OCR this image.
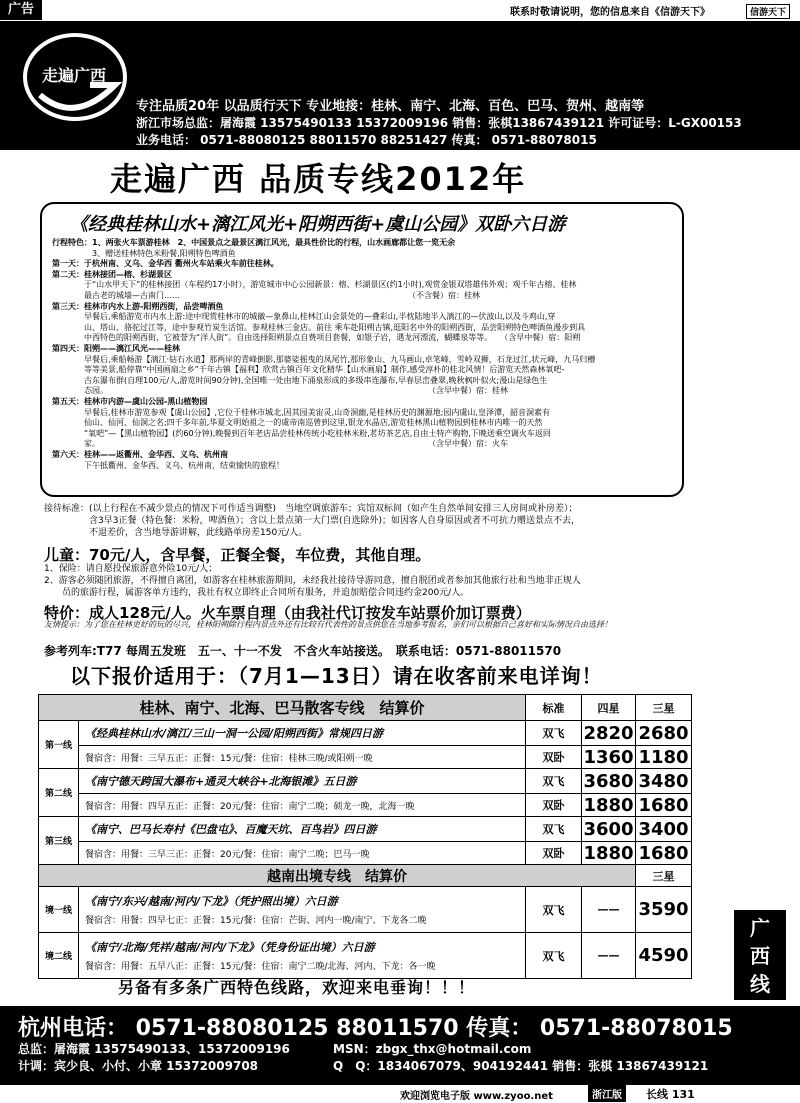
广告	联系时敬请说明，您的信息来自《信游天下》	信游天下
走遍广西
桂林市九洲观光
广西中旅环球假期 国际旅行社
专注品质20年 以品质行天下 专业地接：桂林、南宁、北海、百色、巴马、贺州、越南等
浙江市场总监：屠海霞 13575490133 15372009196 销售：张棋13867439121 许可证号：L-GX00153
业务电话： 0571-88080125 88011570 88251427 传真： 0571-88078015
走遍广西 品质专线2012年
《经典桂林山水+漓江风光+阳朔西街+虞山公园》双卧六日游
行程特色：1、两张火车票游桂林　2、中国景点之最景区漓江风光，最具性价比的行程，山水画廊都让您一览无余
　　　　　3、赠送桂林特色米粉餐,阳朔特色啤酒鱼
第一天：于杭州南、义乌、金华西 衢州火车站乘火车前往桂林。
第二天：桂林接团—榕、杉湖景区
　　　　于“山水甲天下”的桂林接团（车程约17小时），游览城市中心公园新景：榕、杉湖景区(约1小时),观赏金银双塔雄伟外观；观千年古榕、桂林
　　　　最古老的城墙—古南门……　　　　　　　　　　　　　　　　　　　　　　　　　　　　　（不含餐）宿：桂林
第三天：桂林市内水上游-阳朔西街，品尝啤酒鱼
　　　　早餐后,乘船游览市内水上游:途中现赏桂林市的城徽—象鼻山,桂林江山会景处的—叠彩山,半枕陆地半入漓江的—伏波山,以及斗鸡山,穿
　　　　山、塔山、骆驼过江等，途中参观竹炭生活馆。参观桂林三金店。前往 乘车赴阳朔古镇,逛阳名中外的阳朔西街，品尝阳朔特色啤酒鱼漫步到具
　　　　中西特色的阳朔西街，它被誉为“洋人街”。自由选择阳朔景点自费项目套餐，如银子岩，遇龙河漂流，蝴蝶泉等等。　　（含早中餐）宿：阳朔
第四天：阳朔——漓江风光——桂林
　　　　早餐后,乘船畅游【漓江·钻石水道】那两岸的青峰倒影,那婆娑摇曳的凤尾竹,那形象山、九马画山,卓笔峰，雪岭双狮，石龙过江,状元峰，九马归槽
　　　　等等美景,船停靠“中国画扇之乡”千年古镇【福利】欣赏古镇百年文化精华【山水画扇】制作,感受淳朴的桂北风情！后游览天然森林氧吧-
　　　　古东瀑布群(自理100元/人,游览时间90分钟),全国唯一处由地下涌泉形成的多级串连瀑布,早春层峦叠翠,晚秋枫叶似火;漫山是绿色生
　　　　态园。　　　　　　　　　　　　　　　　　　　　　　　　　　　　　　　　　　　　　　　　　（含早中餐）宿：桂林
第五天：桂林市内游—虞山公园-黑山植物园
　　　　早餐后,桂林市游览参观【虞山公园】,它位于桂林市城北,因其园美宙灵,山奇洞幽,是桂林历史的渊源地;园内虞山,皇泽潭，韶音洞素有
　　　　仙山、仙河、仙洞之名;四千多年前,华夏文明始祖之一的虞帝南巡曾到这里,银龙水晶店,游览桂林黑山植物园到桂林市内唯一的天然
　　　　“氧吧”—【黑山植物园】(约60分钟),晚餐到百年老店品尝桂林传统小吃桂林米粉,茗坊茶艺店,自由土特产购物,下晚送乘空调火车返回
　　　　家。　　　　　　　　　　　　　　　　　　　　　　　　　　　　　　　　　　　　　　　　　　（含早中餐）宿：火车
第六天：桂林——返衢州、金华西、义乌、杭州南
　　　　下午抵衢州、金华西、义乌、杭州南，结束愉快的旅程！
接待标准：(以上行程在不减少景点的情况下可作适当调整)　当地空调旅游车；宾馆双标间（如产生自然单间安排三人房间或补房差）；
　　　　　含3早3正餐（特色餐：米粉，啤酒鱼）；含以上景点第一大门票(自选除外)；如因客人自身原因或者不可抗力赠送景点不去，
　　　　　不退差价，含当地导游讲解，此线路单房差150元/人。
儿童：70元/人，含早餐，正餐全餐，车位费，其他自理。
1、保险：请自愿投保旅游意外险10元/人；
2、游客必须随团旅游，不得擅自离团，如游客在桂林旅游期间，未经我社接待导游同意，擅自脱团或者参加其他旅行社和当地非正规人
　　员的旅游行程，属游客单方违约，我社有权立即终止合同所有服务，并追加赔偿合同违约金200元/人。
特价：成人128元/人。火车票自理（由我社代订按发车站票价加订票费）
友情提示：为了您在桂林更好的玩的尽兴，桂林阳朔除行程内景点外还有比较有代表性的景点供您在当地参考报名，亲们可以根据自己喜好和实际情况自由选择！
参考列车:T77 每周五发班　五一、十一不发　不含火车站接送。　联系电话：0571-88011570
以下报价适用于：（7月1—13日）请在收客前来电详询！
桂林、南宁、北海、巴马散客专线　结算价		标准	四星	三星
第一线	《经典桂林山水/漓江/三山一洞一公园/阳朔西街》常规四日游	双飞	2820	2680
	餐宿含：用餐：三早五正：正餐：15元/餐：住宿：桂林三晚/或阳朔一晚	双卧	1360	1180
第二线	《南宁德天跨国大瀑布+通灵大峡谷+北海银滩》五日游	双飞	3680	3480
	餐宿含：用餐：四早五正：正餐：20元/餐：住宿：南宁二晚；硕龙一晚，北海一晚	双卧	1880	1680
第三线	《南宁、巴马长寿村《巴盘屯》、百魔天坑、百鸟岩》四日游	双飞	3600	3400
	餐宿含：用餐：三早三正：正餐：20元/餐：住宿：南宁二晚；巴马一晚	双卧	1880	1680
越南出境专线　结算价				三星
境一线	《南宁/东兴/越南/河内/下龙》（凭护照出境）六日游
餐宿含：用餐：四早七正：正餐：15元/餐：住宿：芒街、河内一晚/南宁、下龙各二晚	双飞	——	3590
境二线	《南宁/北海/凭祥/越南/河内/下龙》（凭身份证出境）六日游
餐宿含：用餐：五早八正：正餐：15元/餐：住宿：南宁二晚/北海、河内、下龙：各一晚	双飞	——	4590
另备有多条广西特色线路，欢迎来电垂询！！！
广
西
线
杭州电话： 0571-88080125 88011570 传真： 0571-88078015
总监：屠海霞 13575490133、15372009196
计调：宾少良、小付、小章 15372009708
MSN：zbgx_thx@hotmail.com
Q　Q：1834067079、904192441 销售：张棋 13867439121
欢迎浏览电子版 www.zyoo.net	浙江版	长线 131
